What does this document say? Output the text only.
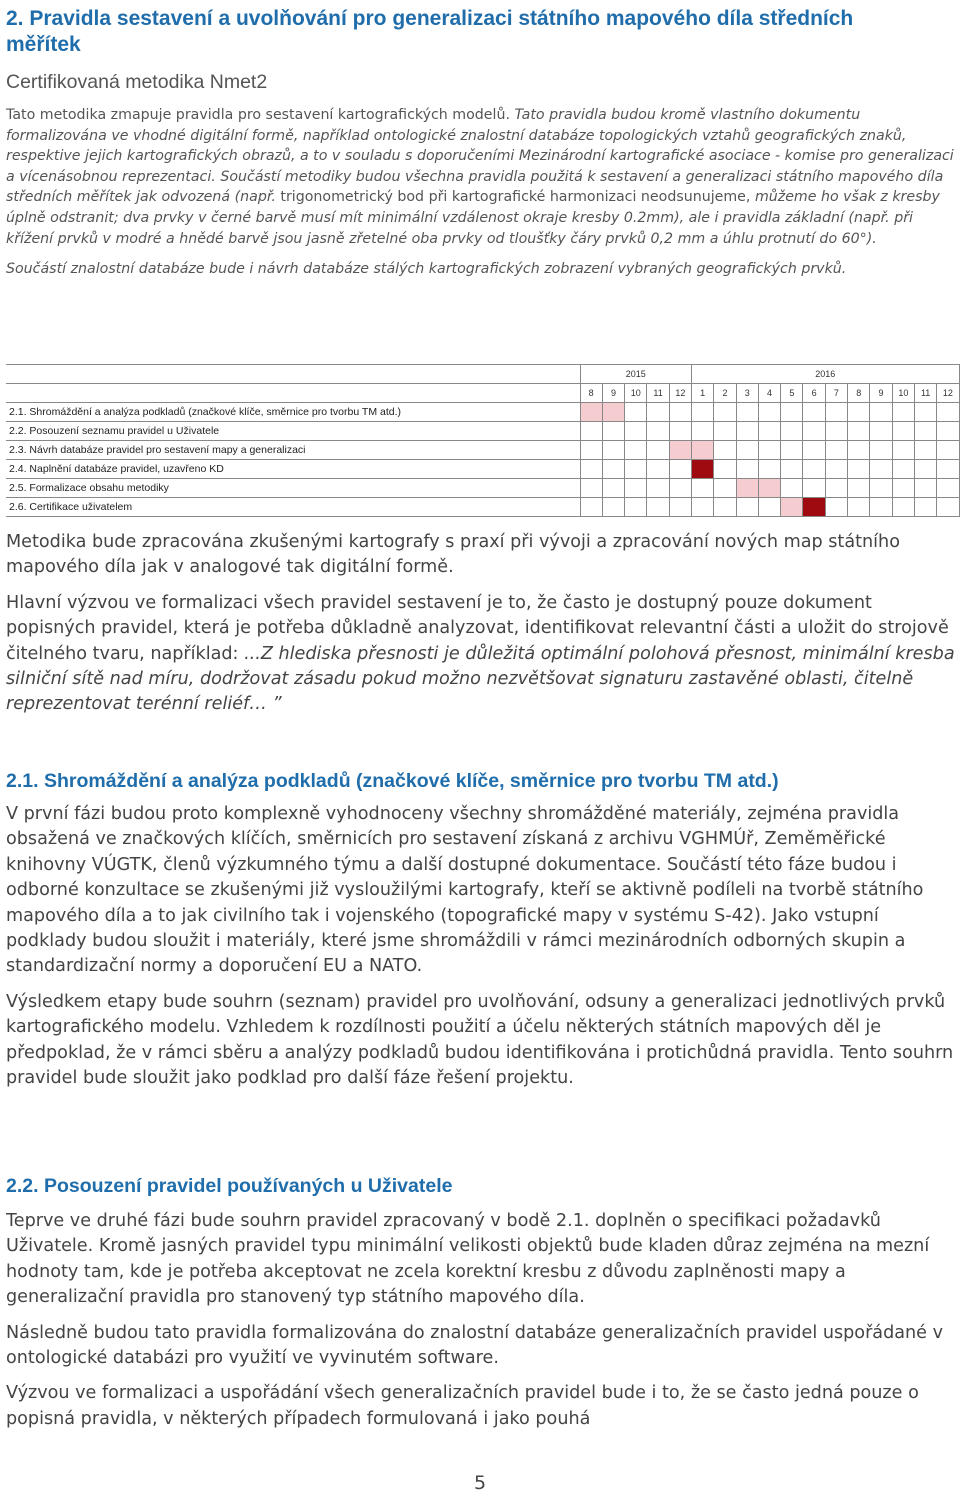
2. Pravidla sestavení a uvolňování pro generalizaci státního mapového díla středních

měřítek

Certifikovaná metodika Nmet2

Tato metodika zmapuje pravidla pro sestavení kartografických modelů. Tato pravidla budou kromě vlastního dokumentu formalizována ve vhodné digitální formě, například ontologické znalostní databáze topologických vztahů geografických znaků, respektive jejich kartografických obrazů, a to v souladu s doporučeními Mezinárodní kartografické asociace - komise pro generalizaci a vícenásobnou reprezentaci. Součástí metodiky budou všechna pravidla použitá k sestavení a generalizaci státního mapového díla středních měřítek jak odvozená (např. trigonometrický bod při kartografické harmonizaci neodsunujeme, můžeme ho však z kresby úplně odstranit; dva prvky v černé barvě musí mít minimální vzdálenost okraje kresby 0.2mm), ale i pravidla základní (např. při křížení prvků v modré a hnědé barvě jsou jasně zřetelné oba prvky od tloušťky čáry prvků 0,2 mm a úhlu protnutí do 60°).

Součástí znalostní databáze bude i návrh databáze stálých kartografických zobrazení vybraných geografických prvků.

	2015					2016											
	8	9	10	11	12	1	2	3	4	5	6	7	8	9	10	11	12
2.1. Shromáždění a analýza podkladů (značkové klíče, směrnice pro tvorbu TM atd.)																	
2.2. Posouzení seznamu pravidel u Uživatele																	
2.3. Návrh databáze pravidel pro sestavení mapy a generalizaci																	
2.4. Naplnění databáze pravidel, uzavřeno KD																	
2.5. Formalizace obsahu metodiky																	
2.6. Certifikace uživatelem																	

Metodika bude zpracována zkušenými kartografy s praxí při vývoji a zpracování nových map státního mapového díla jak v analogové tak digitální formě.

Hlavní výzvou ve formalizaci všech pravidel sestavení je to, že často je dostupný pouze dokument popisných pravidel, která je potřeba důkladně analyzovat, identifikovat relevantní části a uložit do strojově čitelného tvaru, například: ...Z hlediska přesnosti je důležitá optimální polohová přesnost, minimální kresba silniční sítě nad míru, dodržovat zásadu pokud možno nezvětšovat signaturu zastavěné oblasti, čitelně reprezentovat terénní reliéf… ”

2.1. Shromáždění a analýza podkladů (značkové klíče, směrnice pro tvorbu TM atd.)

V první fázi budou proto komplexně vyhodnoceny všechny shromážděné materiály, zejména pravidla obsažená ve značkových klíčích, směrnicích pro sestavení získaná z archivu VGHMÚř, Zeměměřické knihovny VÚGTK, členů výzkumného týmu a další dostupné dokumentace. Součástí této fáze budou i odborné konzultace se zkušenými již vysloužilými kartografy, kteří se aktivně podíleli na tvorbě státního mapového díla a to jak civilního tak i vojenského (topografické mapy v systému S-42). Jako vstupní podklady budou sloužit i materiály, které jsme shromáždili v rámci mezinárodních odborných skupin a standardizační normy a doporučení EU a NATO.

Výsledkem etapy bude souhrn (seznam) pravidel pro uvolňování, odsuny a generalizaci jednotlivých prvků kartografického modelu. Vzhledem k rozdílnosti použití a účelu některých státních mapových děl je předpoklad, že v rámci sběru a analýzy podkladů budou identifikována i protichůdná pravidla. Tento souhrn pravidel bude sloužit jako podklad pro další fáze řešení projektu.

2.2. Posouzení pravidel používaných u Uživatele

Teprve ve druhé fázi bude souhrn pravidel zpracovaný v bodě 2.1. doplněn o specifikaci požadavků Uživatele. Kromě jasných pravidel typu minimální velikosti objektů bude kladen důraz zejména na mezní hodnoty tam, kde je potřeba akceptovat ne zcela korektní kresbu z důvodu zaplněnosti mapy a generalizační pravidla pro stanovený typ státního mapového díla.

Následně budou tato pravidla formalizována do znalostní databáze generalizačních pravidel uspořádané v ontologické databázi pro využití ve vyvinutém software.

Výzvou ve formalizaci a uspořádání všech generalizačních pravidel bude i to, že se často jedná pouze o popisná pravidla, v některých případech formulovaná i jako pouhá

5
